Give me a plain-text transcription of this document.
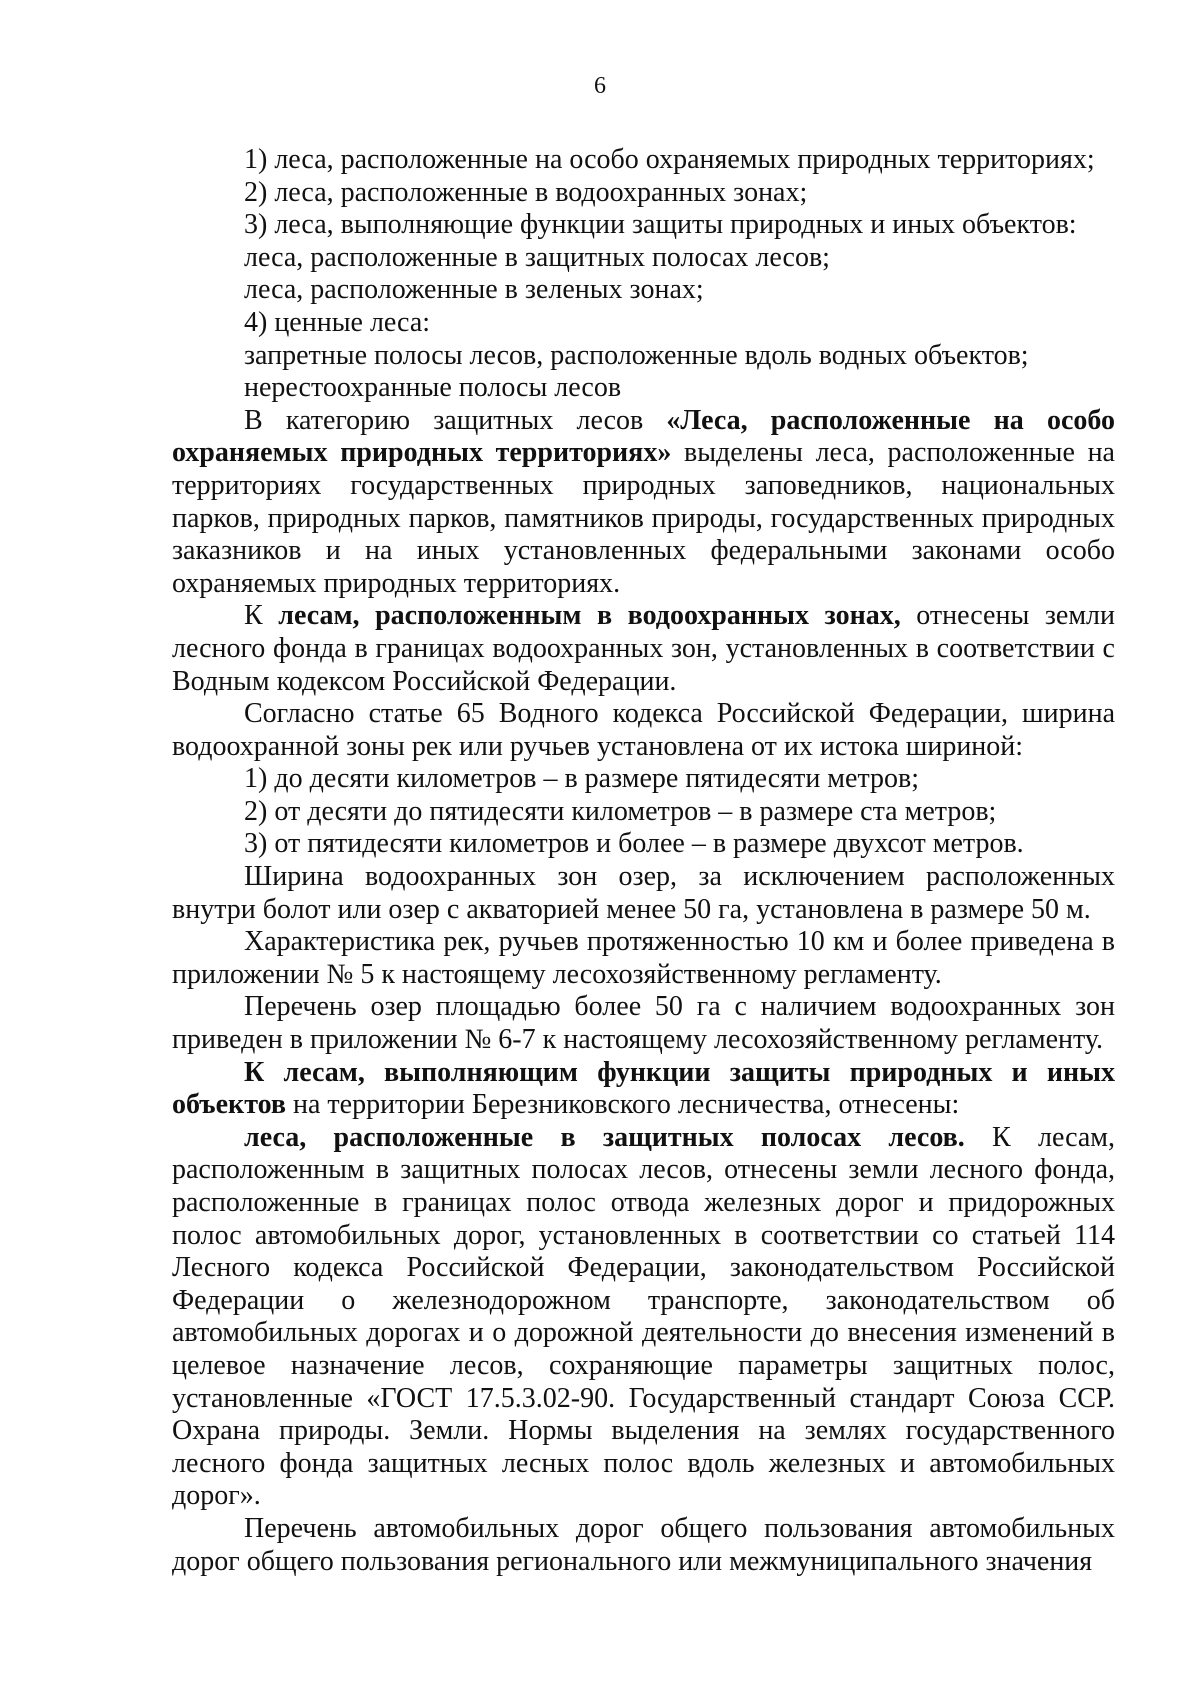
6

1) леса, расположенные на особо охраняемых природных территориях;

2) леса, расположенные в водоохранных зонах;

3) леса, выполняющие функции защиты природных и иных объектов:

леса, расположенные в защитных полосах лесов;

леса, расположенные в зеленых зонах;

4) ценные леса:

запретные полосы лесов, расположенные вдоль водных объектов;

нерестоохранные полосы лесов

В категорию защитных лесов «Леса, расположенные на особо охраняемых природных территориях» выделены леса, расположенные на территориях государственных природных заповедников, национальных парков, природных парков, памятников природы, государственных природных заказников и на иных установленных федеральными законами особо охраняемых природных территориях.

К лесам, расположенным в водоохранных зонах, отнесены земли лесного фонда в границах водоохранных зон, установленных в соответствии с Водным кодексом Российской Федерации.

Согласно статье 65 Водного кодекса Российской Федерации, ширина водоохранной зоны рек или ручьев установлена от их истока шириной:

1) до десяти километров – в размере пятидесяти метров;

2) от десяти до пятидесяти километров – в размере ста метров;

3) от пятидесяти километров и более – в размере двухсот метров.

Ширина водоохранных зон озер, за исключением расположенных внутри болот или озер с акваторией менее 50 га, установлена в размере 50 м.

Характеристика рек, ручьев протяженностью 10 км и более приведена в приложении № 5 к настоящему лесохозяйственному регламенту.

Перечень озер площадью более 50 га с наличием водоохранных зон приведен в приложении № 6-7 к настоящему лесохозяйственному регламенту.

К лесам, выполняющим функции защиты природных и иных объектов на территории Березниковского лесничества, отнесены:

леса, расположенные в защитных полосах лесов. К лесам, расположенным в защитных полосах лесов, отнесены земли лесного фонда, расположенные в границах полос отвода железных дорог и придорожных полос автомобильных дорог, установленных в соответствии со статьей 114 Лесного кодекса Российской Федерации, законодательством Российской Федерации о железнодорожном транспорте, законодательством об автомобильных дорогах и о дорожной деятельности до внесения изменений в целевое назначение лесов, сохраняющие параметры защитных полос, установленные «ГОСТ 17.5.3.02-90. Государственный стандарт Союза ССР. Охрана природы. Земли. Нормы выделения на землях государственного лесного фонда защитных лесных полос вдоль железных и автомобильных дорог».

Перечень автомобильных дорог общего пользования автомобильных дорог общего пользования регионального или межмуниципального значения
